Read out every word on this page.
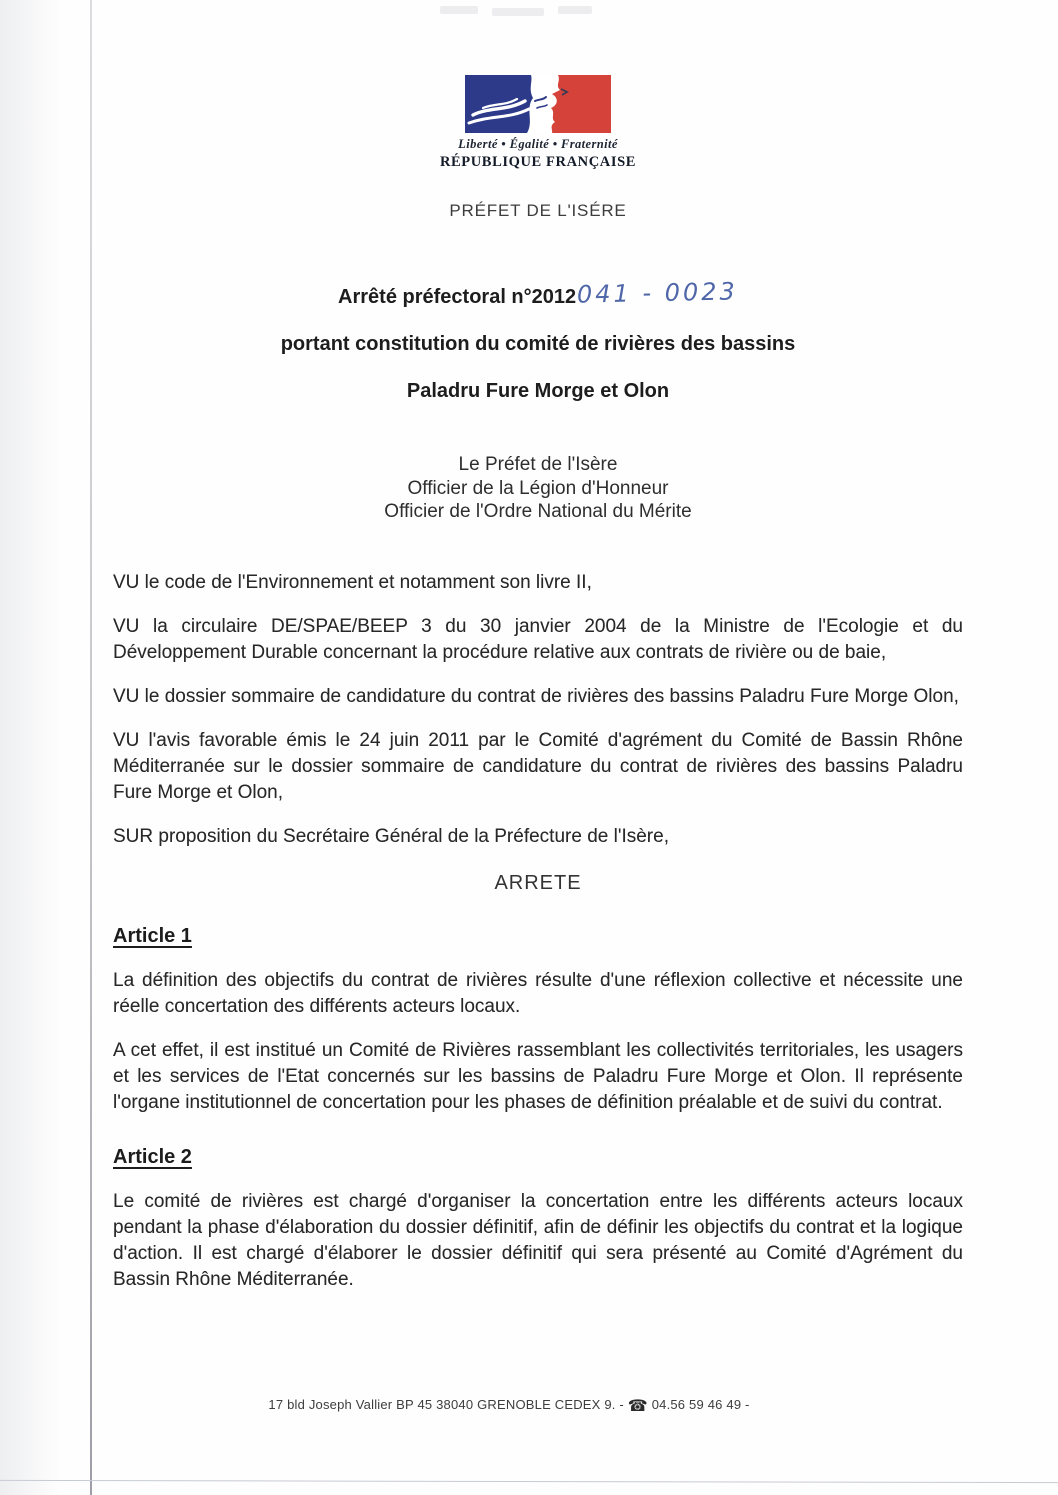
Liberté • Égalité • Fraternité
RÉPUBLIQUE FRANÇAISE
PRÉFET DE L'ISÉRE
Arrêté préfectoral n°2012041 - 0023
portant constitution du comité de rivières des bassins
Paladru Fure Morge et Olon
Le Préfet de l'Isère
Officier de la Légion d'Honneur
Officier de l'Ordre National du Mérite

VU le code de l'Environnement et notamment son livre II,

VU la circulaire DE/SPAE/BEEP 3 du 30 janvier 2004 de la Ministre de l'Ecologie et du Développement Durable concernant la procédure relative aux contrats de rivière ou de baie,

VU le dossier sommaire de candidature du contrat de rivières des bassins Paladru Fure Morge Olon,

VU l'avis favorable émis le 24 juin 2011 par le Comité d'agrément du Comité de Bassin Rhône Méditerranée sur le dossier sommaire de candidature du contrat de rivières des bassins Paladru Fure Morge et Olon,

SUR proposition du Secrétaire Général de la Préfecture de l'Isère,

ARRETE
Article 1

La définition des objectifs du contrat de rivières résulte d'une réflexion collective et nécessite une réelle concertation des différents acteurs locaux.

A cet effet, il est institué un Comité de Rivières rassemblant les collectivités territoriales, les usagers et les services de l'Etat concernés sur les bassins de Paladru Fure Morge et Olon. Il représente l'organe institutionnel de concertation pour les phases de définition préalable et de suivi du contrat.

Article 2

Le comité de rivières est chargé d'organiser la concertation entre les différents acteurs locaux pendant la phase d'élaboration du dossier définitif, afin de définir les objectifs du contrat et la logique d'action. Il est chargé d'élaborer le dossier définitif qui sera présenté au Comité d'Agrément du Bassin Rhône Méditerranée.

17 bld Joseph Vallier BP 45 38040 GRENOBLE CEDEX 9. - ☎ 04.56 59 46 49 -
